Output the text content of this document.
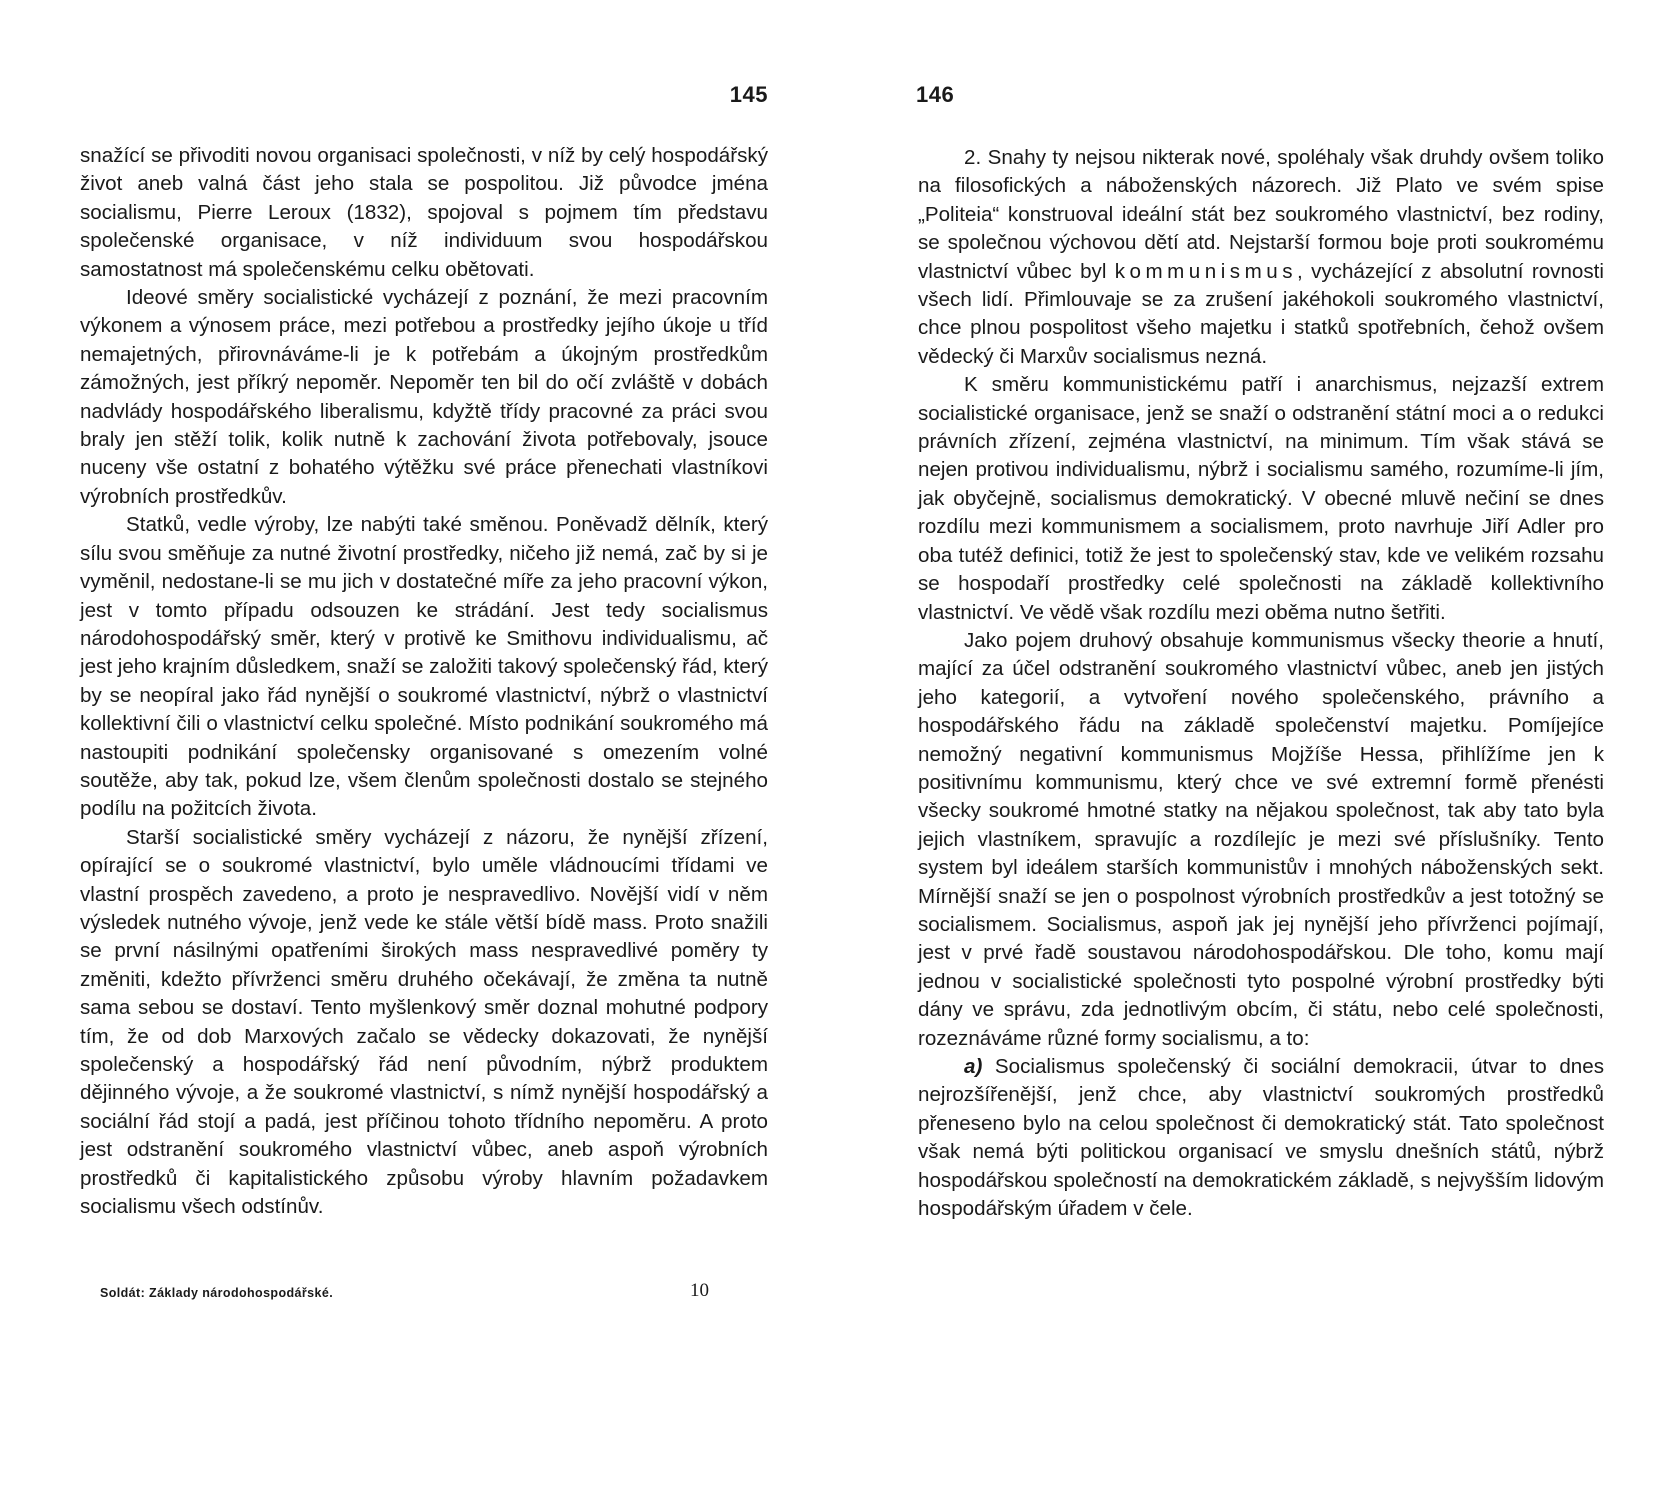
145

snažící se přivoditi novou organisaci společnosti, v níž by celý hospodářský život aneb valná část jeho stala se pospolitou. Již původce jména socialismu, Pierre Leroux (1832), spojoval s pojmem tím představu společenské organisace, v níž individuum svou hospodářskou samostatnost má společenskému celku obětovati.

Ideové směry socialistické vycházejí z poznání, že mezi pracovním výkonem a výnosem práce, mezi potřebou a prostředky jejího úkoje u tříd nemajetných, přirovnáváme-li je k potřebám a úkojným prostředkům zámožných, jest příkrý nepoměr. Nepoměr ten bil do očí zvláště v dobách nadvlády hospodářského liberalismu, kdyžtě třídy pracovné za práci svou braly jen stěží tolik, kolik nutně k zachování života potřebovaly, jsouce nuceny vše ostatní z bohatého výtěžku své práce přenechati vlastníkovi výrobních prostředkův.

Statků, vedle výroby, lze nabýti také směnou. Poněvadž dělník, který sílu svou směňuje za nutné životní prostředky, ničeho již nemá, zač by si je vyměnil, nedostane-li se mu jich v dostatečné míře za jeho pracovní výkon, jest v tomto případu odsouzen ke strádání. Jest tedy socialismus národohospodářský směr, který v protivě ke Smithovu individualismu, ač jest jeho krajním důsledkem, snaží se založiti takový společenský řád, který by se neopíral jako řád nynější o soukromé vlastnictví, nýbrž o vlastnictví kollektivní čili o vlastnictví celku společné. Místo podnikání soukromého má nastoupiti podnikání společensky organisované s omezením volné soutěže, aby tak, pokud lze, všem členům společnosti dostalo se stejného podílu na požitcích života.

Starší socialistické směry vycházejí z názoru, že nynější zřízení, opírající se o soukromé vlastnictví, bylo uměle vládnoucími třídami ve vlastní prospěch zavedeno, a proto je nespravedlivo. Novější vidí v něm výsledek nutného vývoje, jenž vede ke stále větší bídě mass. Proto snažili se první násilnými opatřeními širokých mass nespravedlivé poměry ty změniti, kdežto přívrženci směru druhého očekávají, že změna ta nutně sama sebou se dostaví. Tento myšlenkový směr doznal mohutné podpory tím, že od dob Marxových začalo se vědecky dokazovati, že nynější společenský a hospodářský řád není původním, nýbrž produktem dějinného vývoje, a že soukromé vlastnictví, s nímž nynější hospodářský a sociální řád stojí a padá, jest příčinou tohoto třídního nepoměru. A proto jest odstranění soukromého vlastnictví vůbec, aneb aspoň výrobních prostředků či kapitalistického způsobu výroby hlavním požadavkem socialismu všech odstínův.

Soldát: Základy národohospodářské.	10
146

2. Snahy ty nejsou nikterak nové, spoléhaly však druhdy ovšem toliko na filosofických a náboženských názorech. Již Plato ve svém spise „Politeia“ konstruoval ideální stát bez soukromého vlastnictví, bez rodiny, se společnou výchovou dětí atd. Nejstarší formou boje proti soukromému vlastnictví vůbec byl kommunismus, vycházející z absolutní rovnosti všech lidí. Přimlouvaje se za zrušení jakéhokoli soukromého vlastnictví, chce plnou pospolitost všeho majetku i statků spotřebních, čehož ovšem vědecký či Marxův socialismus nezná.

K směru kommunistickému patří i anarchismus, nejzazší extrem socialistické organisace, jenž se snaží o odstranění státní moci a o redukci právních zřízení, zejména vlastnictví, na minimum. Tím však stává se nejen protivou individualismu, nýbrž i socialismu samého, rozumíme-li jím, jak obyčejně, socialismus demokratický. V obecné mluvě nečiní se dnes rozdílu mezi kommunismem a socialismem, proto navrhuje Jiří Adler pro oba tutéž definici, totiž že jest to společenský stav, kde ve velikém rozsahu se hospodaří prostředky celé společnosti na základě kollektivního vlastnictví. Ve vědě však rozdílu mezi oběma nutno šetřiti.

Jako pojem druhový obsahuje kommunismus všecky theorie a hnutí, mající za účel odstranění soukromého vlastnictví vůbec, aneb jen jistých jeho kategorií, a vytvoření nového společenského, právního a hospodářského řádu na základě společenství majetku. Pomíjejíce nemožný negativní kommunismus Mojžíše Hessa, přihlížíme jen k positivnímu kommunismu, který chce ve své extremní formě přenésti všecky soukromé hmotné statky na nějakou společnost, tak aby tato byla jejich vlastníkem, spravujíc a rozdílejíc je mezi své příslušníky. Tento system byl ideálem starších kommunistův i mnohých náboženských sekt. Mírnější snaží se jen o pospolnost výrobních prostředkův a jest totožný se socialismem. Socialismus, aspoň jak jej nynější jeho přívrženci pojímají, jest v prvé řadě soustavou národohospodářskou. Dle toho, komu mají jednou v socialistické společnosti tyto pospolné výrobní prostředky býti dány ve správu, zda jednotlivým obcím, či státu, nebo celé společnosti, rozeznáváme různé formy socialismu, a to:

a) Socialismus společenský či sociální demokracii, útvar to dnes nejrozšířenější, jenž chce, aby vlastnictví soukromých prostředků přeneseno bylo na celou společnost či demokratický stát. Tato společnost však nemá býti politickou organisací ve smyslu dnešních států, nýbrž hospodářskou společností na demokratickém základě, s nejvyšším lidovým hospodářským úřadem v čele.
